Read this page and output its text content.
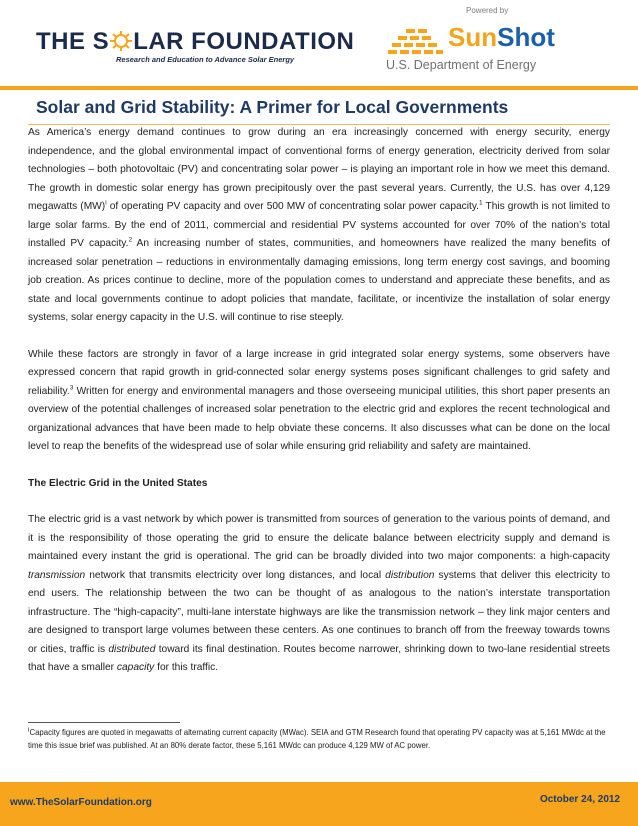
THE S LAR FOUNDATION
Research and Education to Advance Solar Energy
Powered by
SunShot
U.S. Department of Energy
Solar and Grid Stability: A Primer for Local Governments

As America’s energy demand continues to grow during an era increasingly concerned with energy security, energy independence, and the global environmental impact of conventional forms of energy generation, electricity derived from solar technologies – both photovoltaic (PV) and concentrating solar power – is playing an important role in how we meet this demand. The growth in domestic solar energy has grown precipitously over the past several years. Currently, the U.S. has over 4,129 megawatts (MW)$^i$ of operating PV capacity and over 500 MW of concentrating solar power capacity.$^1$ This growth is not limited to large solar farms. By the end of 2011, commercial and residential PV systems accounted for over 70% of the nation’s total installed PV capacity.$^2$ An increasing number of states, communities, and homeowners have realized the many benefits of increased solar penetration – reductions in environmentally damaging emissions, long term energy cost savings, and booming job creation. As prices continue to decline, more of the population comes to understand and appreciate these benefits, and as state and local governments continue to adopt policies that mandate, facilitate, or incentivize the installation of solar energy systems, solar energy capacity in the U.S. will continue to rise steeply.

While these factors are strongly in favor of a large increase in grid integrated solar energy systems, some observers have expressed concern that rapid growth in grid-connected solar energy systems poses significant challenges to grid safety and reliability.$^3$ Written for energy and environmental managers and those overseeing municipal utilities, this short paper presents an overview of the potential challenges of increased solar penetration to the electric grid and explores the recent technological and organizational advances that have been made to help obviate these concerns. It also discusses what can be done on the local level to reap the benefits of the widespread use of solar while ensuring grid reliability and safety are maintained.

The Electric Grid in the United States

The electric grid is a vast network by which power is transmitted from sources of generation to the various points of demand, and it is the responsibility of those operating the grid to ensure the delicate balance between electricity supply and demand is maintained every instant the grid is operational. The grid can be broadly divided into two major components: a high-capacity transmission network that transmits electricity over long distances, and local distribution systems that deliver this electricity to end users. The relationship between the two can be thought of as analogous to the nation’s interstate transportation infrastructure. The “high-capacity”, multi-lane interstate highways are like the transmission network – they link major centers and are designed to transport large volumes between these centers. As one continues to branch off from the freeway towards towns or cities, traffic is distributed toward its final destination. Routes become narrower, shrinking down to two-lane residential streets that have a smaller capacity for this traffic.

$^i$Capacity figures are quoted in megawatts of alternating current capacity (MWac). SEIA and GTM Research found that operating PV capacity was at 5,161 MWdc at the time this issue brief was published. At an 80% derate factor, these 5,161 MWdc can produce 4,129 MW of AC power.
www.TheSolarFoundation.org	October 24, 2012
